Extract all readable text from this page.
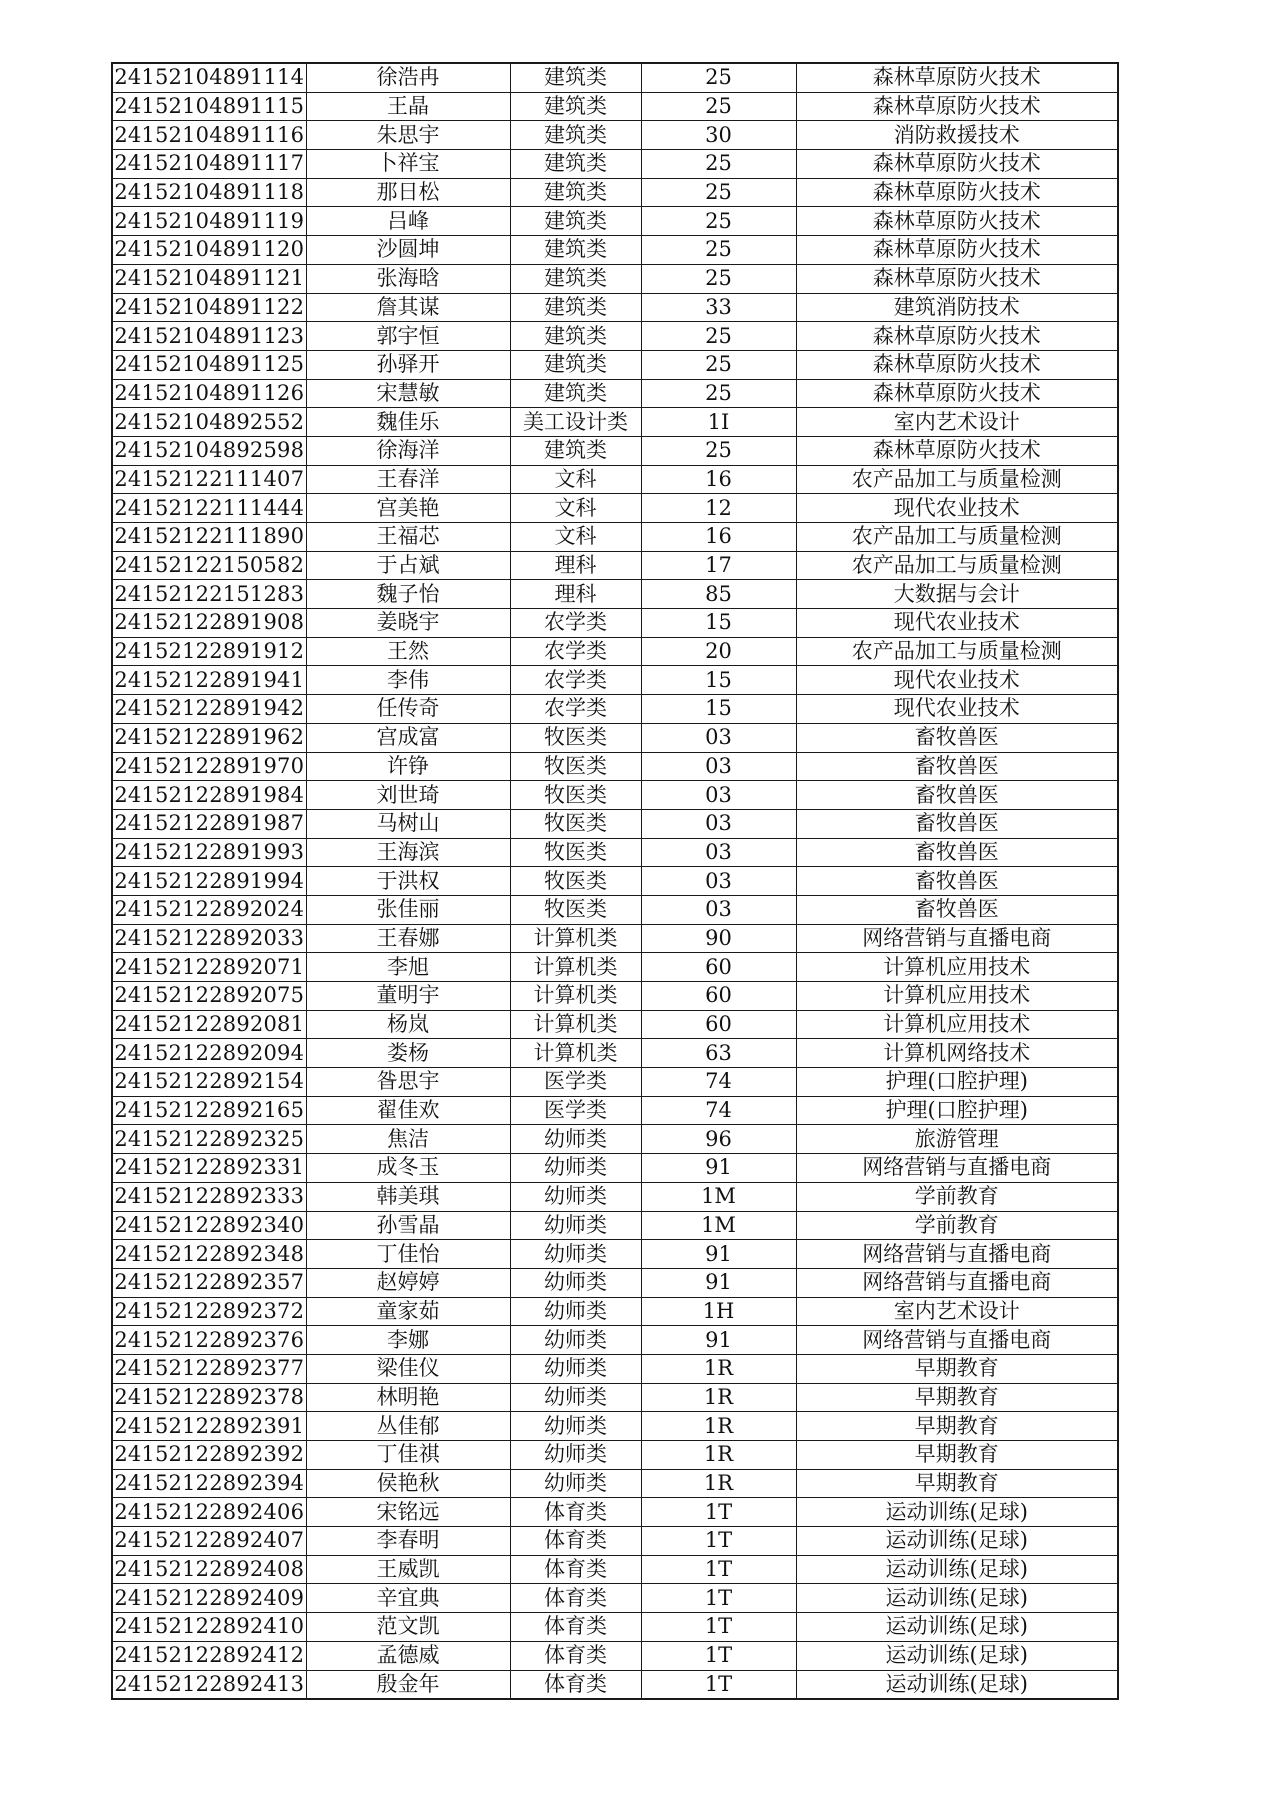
24152104891114	徐浩冉	建筑类	25	森林草原防火技术
24152104891115	王晶	建筑类	25	森林草原防火技术
24152104891116	朱思宇	建筑类	30	消防救援技术
24152104891117	卜祥宝	建筑类	25	森林草原防火技术
24152104891118	那日松	建筑类	25	森林草原防火技术
24152104891119	吕峰	建筑类	25	森林草原防火技术
24152104891120	沙圆坤	建筑类	25	森林草原防火技术
24152104891121	张海晗	建筑类	25	森林草原防火技术
24152104891122	詹其谋	建筑类	33	建筑消防技术
24152104891123	郭宇恒	建筑类	25	森林草原防火技术
24152104891125	孙驿开	建筑类	25	森林草原防火技术
24152104891126	宋慧敏	建筑类	25	森林草原防火技术
24152104892552	魏佳乐	美工设计类	1I	室内艺术设计
24152104892598	徐海洋	建筑类	25	森林草原防火技术
24152122111407	王春洋	文科	16	农产品加工与质量检测
24152122111444	宫美艳	文科	12	现代农业技术
24152122111890	王福芯	文科	16	农产品加工与质量检测
24152122150582	于占斌	理科	17	农产品加工与质量检测
24152122151283	魏子怡	理科	85	大数据与会计
24152122891908	姜晓宇	农学类	15	现代农业技术
24152122891912	王然	农学类	20	农产品加工与质量检测
24152122891941	李伟	农学类	15	现代农业技术
24152122891942	任传奇	农学类	15	现代农业技术
24152122891962	宫成富	牧医类	03	畜牧兽医
24152122891970	许铮	牧医类	03	畜牧兽医
24152122891984	刘世琦	牧医类	03	畜牧兽医
24152122891987	马树山	牧医类	03	畜牧兽医
24152122891993	王海滨	牧医类	03	畜牧兽医
24152122891994	于洪权	牧医类	03	畜牧兽医
24152122892024	张佳丽	牧医类	03	畜牧兽医
24152122892033	王春娜	计算机类	90	网络营销与直播电商
24152122892071	李旭	计算机类	60	计算机应用技术
24152122892075	董明宇	计算机类	60	计算机应用技术
24152122892081	杨岚	计算机类	60	计算机应用技术
24152122892094	娄杨	计算机类	63	计算机网络技术
24152122892154	昝思宇	医学类	74	护理(口腔护理)
24152122892165	翟佳欢	医学类	74	护理(口腔护理)
24152122892325	焦洁	幼师类	96	旅游管理
24152122892331	成冬玉	幼师类	91	网络营销与直播电商
24152122892333	韩美琪	幼师类	1M	学前教育
24152122892340	孙雪晶	幼师类	1M	学前教育
24152122892348	丁佳怡	幼师类	91	网络营销与直播电商
24152122892357	赵婷婷	幼师类	91	网络营销与直播电商
24152122892372	童家茹	幼师类	1H	室内艺术设计
24152122892376	李娜	幼师类	91	网络营销与直播电商
24152122892377	梁佳仪	幼师类	1R	早期教育
24152122892378	林明艳	幼师类	1R	早期教育
24152122892391	丛佳郁	幼师类	1R	早期教育
24152122892392	丁佳祺	幼师类	1R	早期教育
24152122892394	侯艳秋	幼师类	1R	早期教育
24152122892406	宋铭远	体育类	1T	运动训练(足球)
24152122892407	李春明	体育类	1T	运动训练(足球)
24152122892408	王威凯	体育类	1T	运动训练(足球)
24152122892409	辛宜典	体育类	1T	运动训练(足球)
24152122892410	范文凯	体育类	1T	运动训练(足球)
24152122892412	孟德威	体育类	1T	运动训练(足球)
24152122892413	殷金年	体育类	1T	运动训练(足球)
